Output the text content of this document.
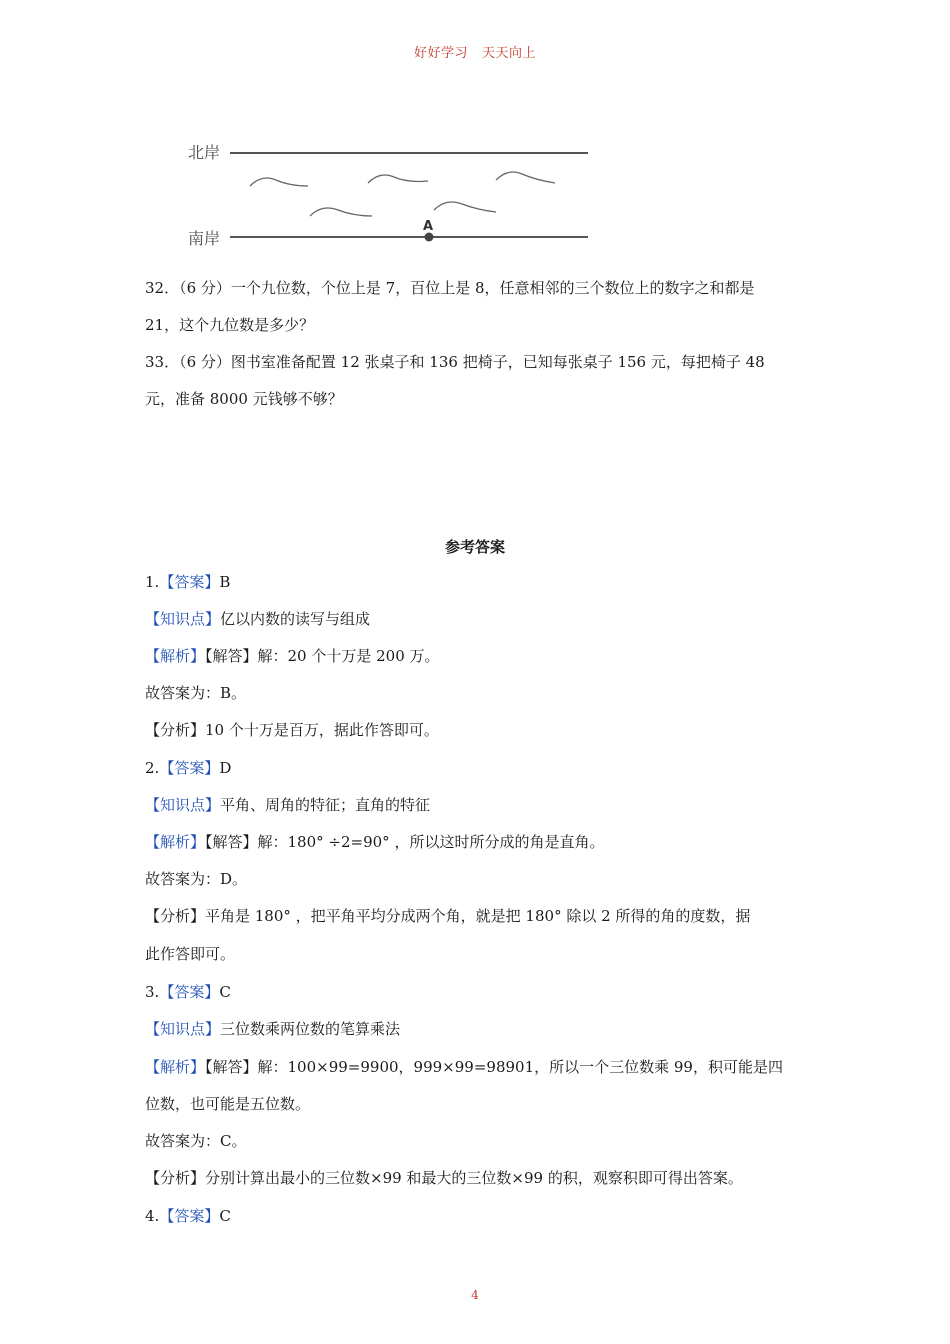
好好学习 天天向上
北岸
南岸
A

32．（6 分）一个九位数，个位上是 7，百位上是 8，任意相邻的三个数位上的数字之和都是
21，这个九位数是多少？

33．（6 分）图书室准备配置 12 张桌子和 136 把椅子，已知每张桌子 156 元，每把椅子 48
元，准备 8000 元钱够不够？

参考答案
1.【答案】B
【知识点】亿以内数的读写与组成
【解析】【解答】解：20 个十万是 200 万。
故答案为：B。
【分析】10 个十万是百万，据此作答即可。
2.【答案】D
【知识点】平角、周角的特征；直角的特征
【解析】【解答】解：180° ÷2=90° ，所以这时所分成的角是直角。
故答案为：D。
【分析】平角是 180° ，把平角平均分成两个角，就是把 180° 除以 2 所得的角的度数，据
此作答即可。
3.【答案】C
【知识点】三位数乘两位数的笔算乘法
【解析】【解答】解：100×99=9900，999×99=98901，所以一个三位数乘 99，积可能是四
位数，也可能是五位数。
故答案为：C。
【分析】分别计算出最小的三位数×99 和最大的三位数×99 的积，观察积即可得出答案。
4.【答案】C
4
